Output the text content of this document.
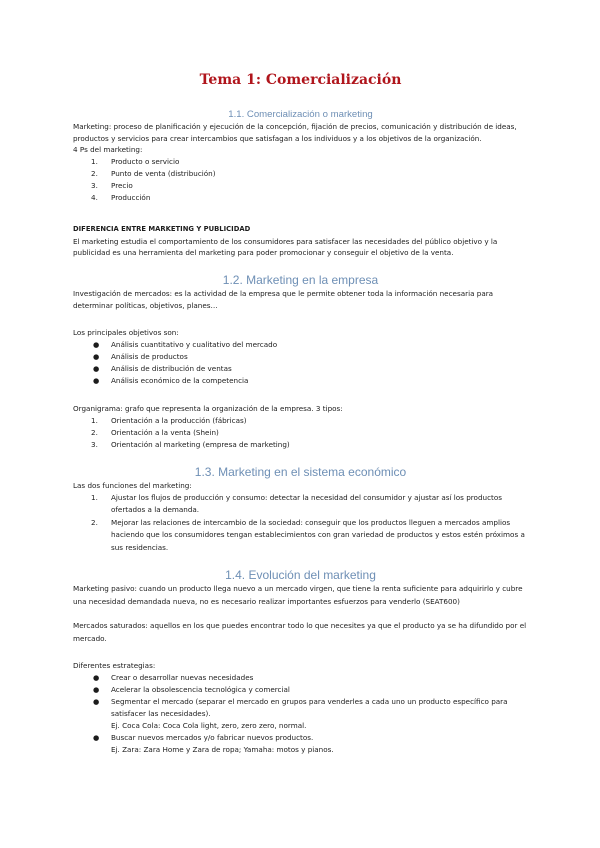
Tema 1: Comercialización
1.1. Comercialización o marketing

Marketing: proceso de planificación y ejecución de la concepción, fijación de precios, comunicación y distribución de ideas, productos y servicios para crear intercambios que satisfagan a los individuos y a los objetivos de la organización.

4 Ps del marketing:

1. Producto o servicio
2. Punto de venta (distribución)
3. Precio
4. Producción

DIFERENCIA ENTRE MARKETING Y PUBLICIDAD

El marketing estudia el comportamiento de los consumidores para satisfacer las necesidades del público objetivo y la publicidad es una herramienta del marketing para poder promocionar y conseguir el objetivo de la venta.

1.2. Marketing en la empresa

Investigación de mercados: es la actividad de la empresa que le permite obtener toda la información necesaria para determinar políticas, objetivos, planes…

Los principales objetivos son:

● Análisis cuantitativo y cualitativo del mercado
● Análisis de productos
● Análisis de distribución de ventas
● Análisis económico de la competencia

Organigrama: grafo que representa la organización de la empresa. 3 tipos:

1. Orientación a la producción (fábricas)
2. Orientación a la venta (Shein)
3. Orientación al marketing (empresa de marketing)
1.3. Marketing en el sistema económico

Las dos funciones del marketing:

1. Ajustar los flujos de producción y consumo: detectar la necesidad del consumidor y ajustar así los productos ofertados a la demanda.
2. Mejorar las relaciones de intercambio de la sociedad: conseguir que los productos lleguen a mercados amplios haciendo que los consumidores tengan establecimientos con gran variedad de productos y estos estén próximos a sus residencias.
1.4. Evolución del marketing

Marketing pasivo: cuando un producto llega nuevo a un mercado virgen, que tiene la renta suficiente para adquirirlo y cubre una necesidad demandada nueva, no es necesario realizar importantes esfuerzos para venderlo (SEAT600)

Mercados saturados: aquellos en los que puedes encontrar todo lo que necesites ya que el producto ya se ha difundido por el mercado.

Diferentes estrategias:

● Crear o desarrollar nuevas necesidades
● Acelerar la obsolescencia tecnológica y comercial
● Segmentar el mercado (separar el mercado en grupos para venderles a cada uno un producto específico para satisfacer las necesidades).

Ej. Coca Cola: Coca Cola light, zero, zero zero, normal.

● Buscar nuevos mercados y/o fabricar nuevos productos.

Ej. Zara: Zara Home y Zara de ropa; Yamaha: motos y pianos.
